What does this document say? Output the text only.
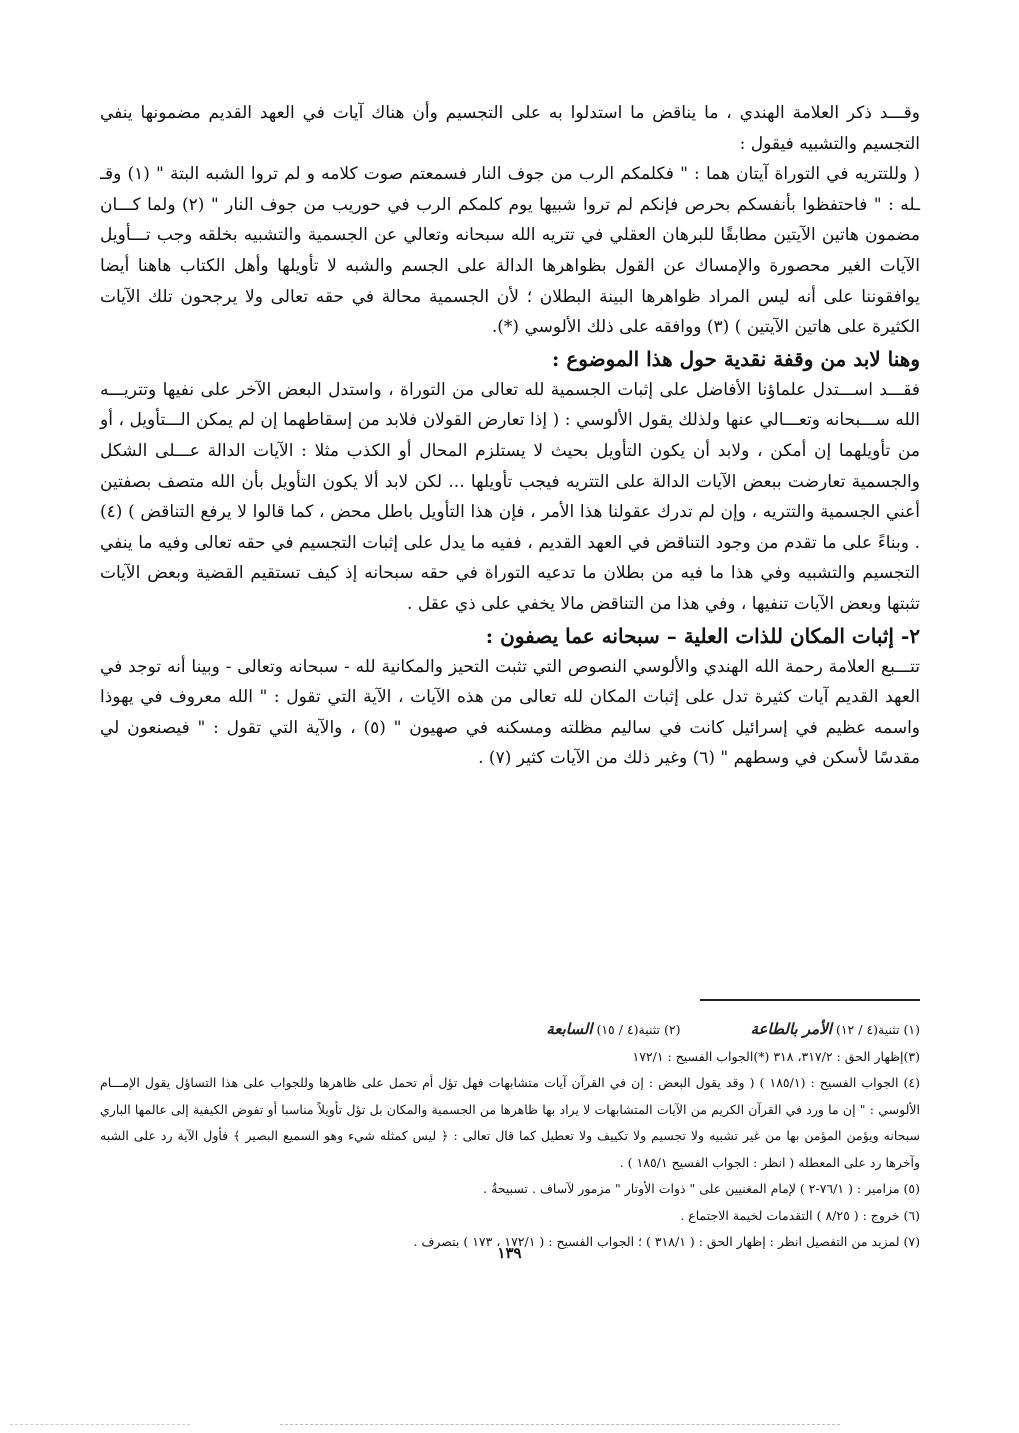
وقـــد ذكر العلامة الهندي ، ما يناقض ما استدلوا به على التجسيم وأن هناك آيات في العهد القديم مضمونها ينفي التجسيم والتشبيه فيقول :

( وللتتريه في التوراة آيتان هما : " فكلمكم الرب من جوف النار فسمعتم صوت كلامه و لم تروا الشبه البتة " (١) وقـ ـله : " فاحتفظوا بأنفسكم بحرص فإنكم لم تروا شبيها يوم كلمكم الرب في حوريب من جوف النار " (٢) ولما كـــان مضمون هاتين الآيتين مطابقًا للبرهان العقلي في تتريه الله سبحانه وتعالي عن الجسمية والتشبيه بخلقه وجب تـــأويل الآيات الغير محصورة والإمساك عن القول بظواهرها الدالة على الجسم والشبه لا تأويلها وأهل الكتاب هاهنا أيضا يوافقوننا على أنه ليس المراد ظواهرها البينة البطلان ؛ لأن الجسمية محالة في حقه تعالى ولا يرجحون تلك الآيات الكثيرة على هاتين الآيتين ) (٣) ووافقه على ذلك الألوسي (*).

وهنا لابد من وقفة نقدية حول هذا الموضوع :

فقـــد اســـتدل علماؤنا الأفاضل على إثبات الجسمية لله تعالى من التوراة ، واستدل البعض الآخر على نفيها وتتريـــه الله ســـبحانه وتعـــالي عنها ولذلك يقول الألوسي : ( إذا تعارض القولان فلابد من إسقاطهما إن لم يمكن الـــتأويل ، أو من تأويلهما إن أمكن ، ولابد أن يكون التأويل بحيث لا يستلزم المحال أو الكذب مثلا : الآيات الدالة عـــلى الشكل والجسمية تعارضت ببعض الآيات الدالة على التتريه فيجب تأويلها ... لكن لابد ألا يكون التأويل بأن الله متصف بصفتين أعني الجسمية والتتريه ، وإن لم تدرك عقولنا هذا الأمر ، فإن هذا التأويل باطل محض ، كما قالوا لا يرفع التناقض ) (٤) . وبناءً على ما تقدم من وجود التناقض في العهد القديم ، ففيه ما يدل على إثبات التجسيم في حقه تعالى وفيه ما ينفي التجسيم والتشبيه وفي هذا ما فيه من بطلان ما تدعيه التوراة في حقه سبحانه إذ كيف تستقيم القضية وبعض الآيات تثبتها وبعض الآيات تنفيها ، وفي هذا من التناقض مالا يخفي على ذي عقل .

٢- إثبات المكان للذات العلية – سبحانه عما يصفون :

تتـــبع العلامة رحمة الله الهندي والألوسي النصوص التي تثبت التحيز والمكانية لله - سبحانه وتعالى - وبينا أنه توجد في العهد القديم آيات كثيرة تدل على إثبات المكان لله تعالى من هذه الآيات ، الآية التي تقول : " الله معروف في يهوذا واسمه عظيم في إسرائيل كانت في ساليم مظلته ومسكنه في صهيون " (٥) ، والآية التي تقول : " فيصنعون لي مقدسًا لأسكن في وسطهم " (٦) وغير ذلك من الآيات كثير (٧) .

(١) تثنية(٤ / ١٢) الأمر بالطاعة
(٢) تثنية(٤ / ١٥) السابعة

(٣)إظهار الحق : ٣١٧/٢، ٣١٨ (*)الجواب الفسيح : ١٧٢/١

(٤) الجواب الفسيح : (١٨٥/١ ) ( وقد يقول البعض : إن في القرآن آيات متشابهات فهل تؤل أم تحمل على ظاهرها وللجواب على هذا التساؤل يقول الإمـــام الألوسي : " إن ما ورد في القرآن الكريم من الآيات المتشابهات لا يراد بها ظاهرها من الجسمية والمكان بل تؤل تأويلاً مناسبا أو تفوض الكيفية إلى عالمها الباري سبحانه ويؤمن المؤمن بها من غير تشبيه ولا تجسيم ولا تكييف ولا تعطيل كما قال تعالى : ﴿ ليس كمثله شيء وهو السميع البصير ﴾ فأول الآية رد على الشبه وآخرها رد على المعطله ( انظر : الجواب الفسيح ١٨٥/١ ) .

(٥) مزامير : ( ٧٦/١-٢ ) لإمام المغنيين على " ذوات الأوتار " مزمور لآساف . تسبيحةُ .

(٦) خروج : ( ٨/٢٥ ) التقدمات لخيمة الاجتماع .

(٧) لمزيد من التفصيل انظر : إظهار الحق : ( ٣١٨/١ ) ؛ الجواب الفسيح : ( ١٧٢/١ ، ١٧٣ ) بتصرف .

١٣٩
